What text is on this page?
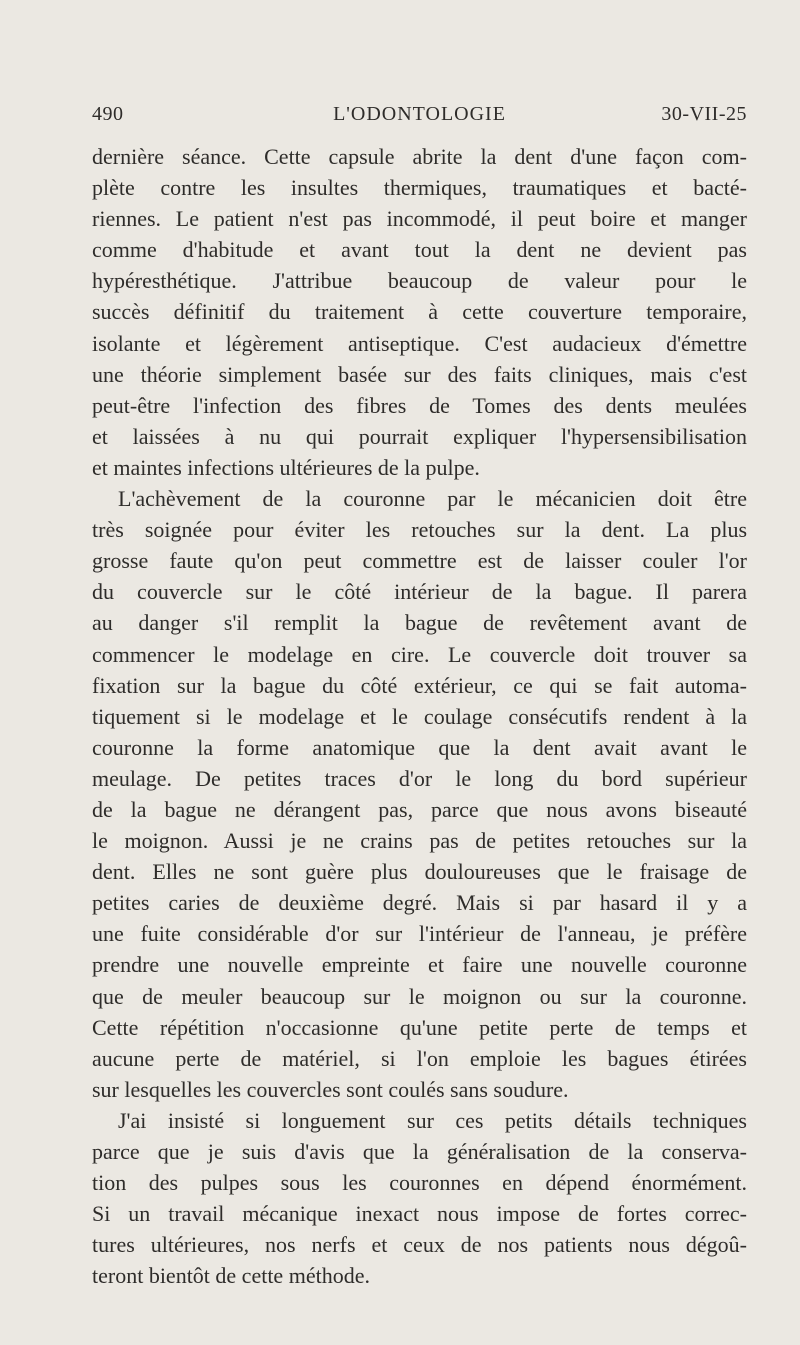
490	L'ODONTOLOGIE	30-VII-25
dernière séance. Cette capsule abrite la dent d'une façon com-
plète contre les insultes thermiques, traumatiques et bacté-
riennes. Le patient n'est pas incommodé, il peut boire et manger
comme d'habitude et avant tout la dent ne devient pas
hypéresthétique. J'attribue beaucoup de valeur pour le
succès définitif du traitement à cette couverture temporaire,
isolante et légèrement antiseptique. C'est audacieux d'émettre
une théorie simplement basée sur des faits cliniques, mais c'est
peut-être l'infection des fibres de Tomes des dents meulées
et laissées à nu qui pourrait expliquer l'hypersensibilisation
et maintes infections ultérieures de la pulpe.
L'achèvement de la couronne par le mécanicien doit être
très soignée pour éviter les retouches sur la dent. La plus
grosse faute qu'on peut commettre est de laisser couler l'or
du couvercle sur le côté intérieur de la bague. Il parera
au danger s'il remplit la bague de revêtement avant de
commencer le modelage en cire. Le couvercle doit trouver sa
fixation sur la bague du côté extérieur, ce qui se fait automa-
tiquement si le modelage et le coulage consécutifs rendent à la
couronne la forme anatomique que la dent avait avant le
meulage. De petites traces d'or le long du bord supérieur
de la bague ne dérangent pas, parce que nous avons biseauté
le moignon. Aussi je ne crains pas de petites retouches sur la
dent. Elles ne sont guère plus douloureuses que le fraisage de
petites caries de deuxième degré. Mais si par hasard il y a
une fuite considérable d'or sur l'intérieur de l'anneau, je préfère
prendre une nouvelle empreinte et faire une nouvelle couronne
que de meuler beaucoup sur le moignon ou sur la couronne.
Cette répétition n'occasionne qu'une petite perte de temps et
aucune perte de matériel, si l'on emploie les bagues étirées
sur lesquelles les couvercles sont coulés sans soudure.
J'ai insisté si longuement sur ces petits détails techniques
parce que je suis d'avis que la généralisation de la conserva-
tion des pulpes sous les couronnes en dépend énormément.
Si un travail mécanique inexact nous impose de fortes correc-
tures ultérieures, nos nerfs et ceux de nos patients nous dégoû-
teront bientôt de cette méthode.
